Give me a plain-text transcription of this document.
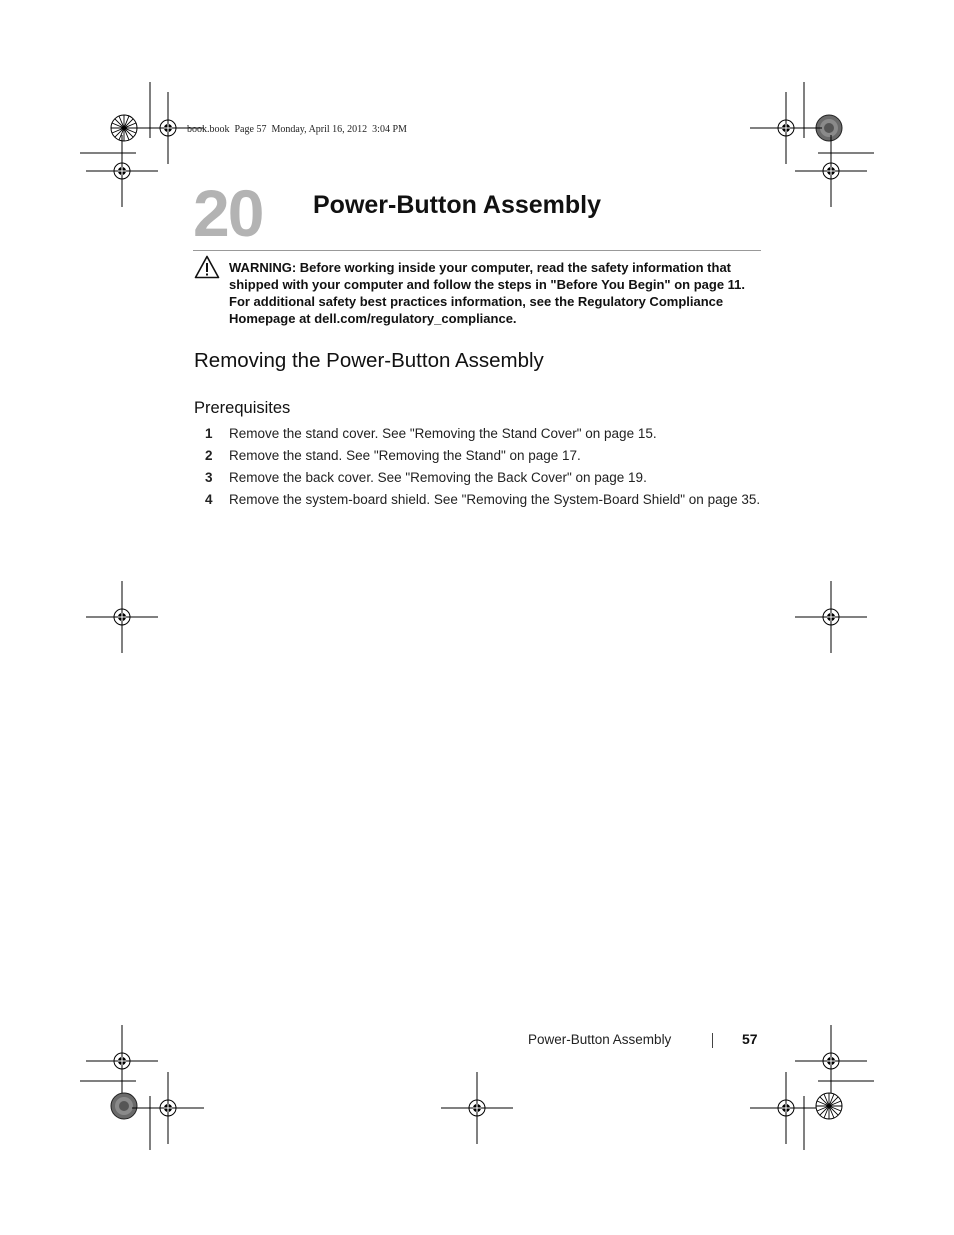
book.book  Page 57  Monday, April 16, 2012  3:04 PM
20 Power-Button Assembly
WARNING: Before working inside your computer, read the safety information that shipped with your computer and follow the steps in "Before You Begin" on page 11. For additional safety best practices information, see the Regulatory Compliance Homepage at dell.com/regulatory_compliance.
Removing the Power-Button Assembly
Prerequisites
1 Remove the stand cover. See "Removing the Stand Cover" on page 15.
2 Remove the stand. See "Removing the Stand" on page 17.
3 Remove the back cover. See "Removing the Back Cover" on page 19.
4 Remove the system-board shield. See "Removing the System-Board Shield" on page 35.
Power-Button Assembly	57
